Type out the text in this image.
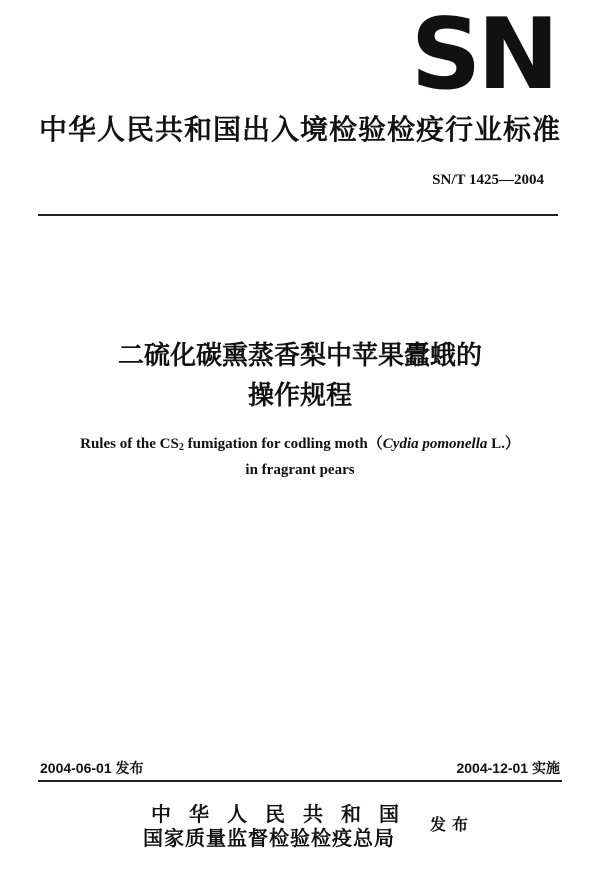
SN
中华人民共和国出入境检验检疫行业标准
SN/T 1425—2004
二硫化碳熏蒸香梨中苹果蠹蛾的
操作规程
Rules of the $CS_2$ fumigation for codling moth（Cydia pomonella L.）
in fragrant pears
2004-06-01 发布	2004-12-01 实施
中华人民共和国
国家质量监督检验检疫总局
发布
